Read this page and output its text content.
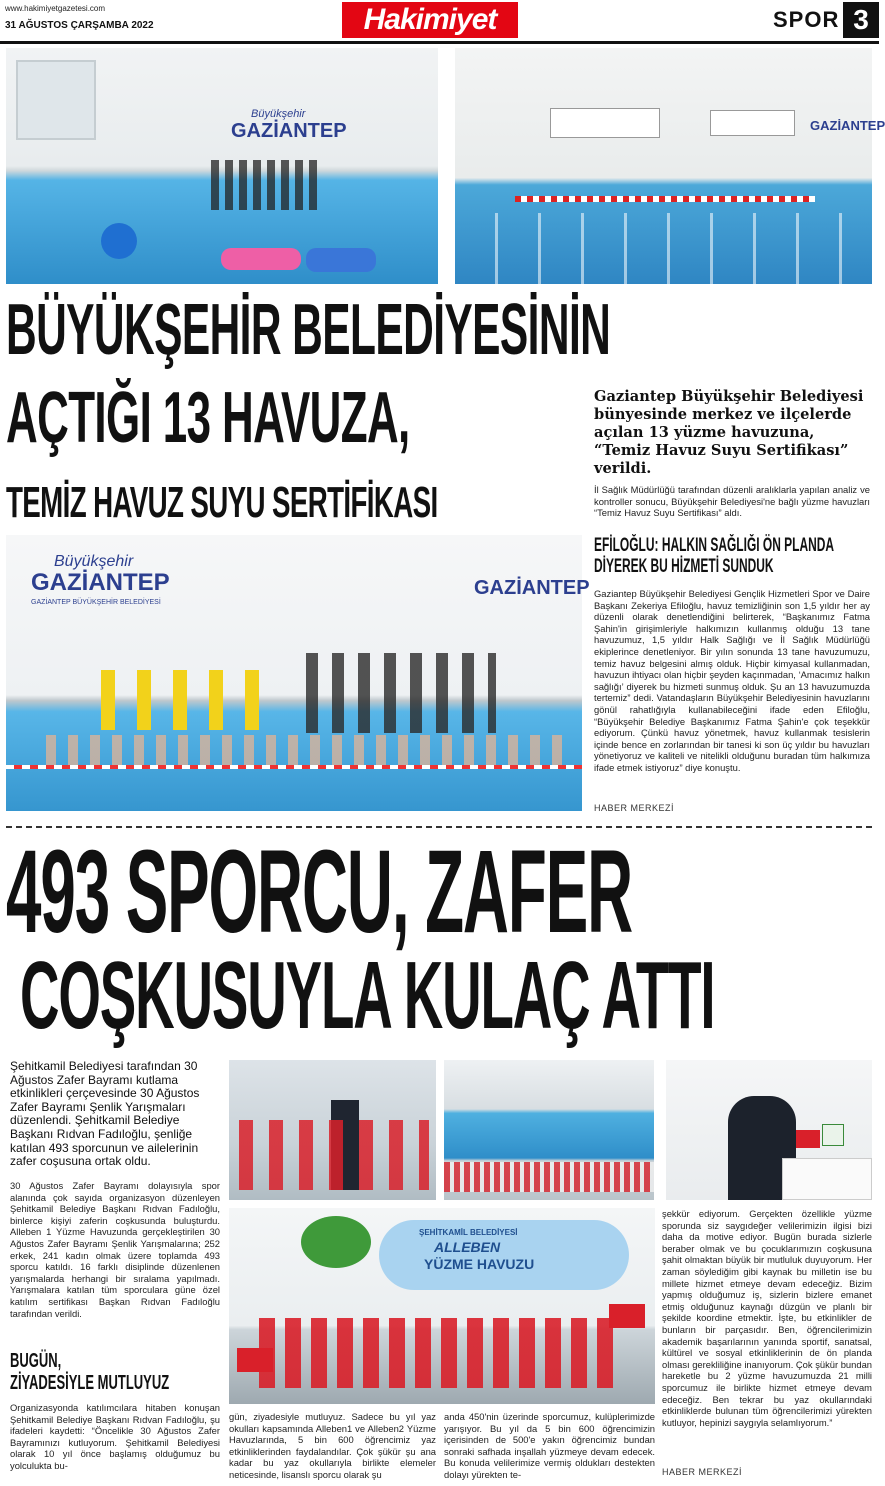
www.hakimiyetgazetesi.com
31 AĞUSTOS ÇARŞAMBA 2022	Hakimiyet	SPOR 3
Büyükşehir
GAZİANTEP	GAZİANTEP
BÜYÜKŞEHİR BELEDİYESİNİN
AÇTIĞI 13 HAVUZA,
TEMİZ HAVUZ SUYU SERTİFİKASI
Gaziantep Büyükşehir Belediyesi bünyesinde merkez ve ilçelerde açılan 13 yüzme havuzuna, “Temiz Havuz Suyu Sertifikası” verildi.
İl Sağlık Müdürlüğü tarafından düzenli aralıklarla yapılan analiz ve kontroller sonucu, Büyükşehir Belediyesi'ne bağlı yüzme havuzları “Temiz Havuz Suyu Sertifikası” aldı.
Büyükşehir
GAZİANTEP
GAZİANTEP BÜYÜKŞEHİR BELEDİYESİ
GAZİANTEP
EFİLOĞLU: HALKIN SAĞLIĞI ÖN PLANDA DİYEREK BU HİZMETİ SUNDUK
Gaziantep Büyükşehir Belediyesi Gençlik Hizmetleri Spor ve Daire Başkanı Zekeriya Efiloğlu, havuz temizliğinin son 1,5 yıldır her ay düzenli olarak denetlendiğini belirterek, “Başkanımız Fatma Şahin'in girişimleriyle halkımızın kullanmış olduğu 13 tane havuzumuz, 1,5 yıldır Halk Sağlığı ve İl Sağlık Müdürlüğü ekiplerince denetleniyor. Bir yılın sonunda 13 tane havuzumuzu, temiz havuz belgesini almış olduk. Hiçbir kimyasal kullanmadan, havuzun ihtiyacı olan hiçbir şeyden kaçınmadan, ‘Amacımız halkın sağlığı’ diyerek bu hizmeti sunmuş olduk. Şu an 13 havuzumuzda tertemiz” dedi. Vatandaşların Büyükşehir Belediyesinin havuzlarını gönül rahatlığıyla kullanabileceğini ifade eden Efiloğlu, “Büyükşehir Belediye Başkanımız Fatma Şahin'e çok teşekkür ediyorum. Çünkü havuz yönetmek, havuz kullanmak tesislerin içinde bence en zorlarından bir tanesi ki son üç yıldır bu havuzları yönetiyoruz ve kaliteli ve nitelikli olduğunu buradan tüm halkımıza ifade etmek istiyoruz” diye konuştu.
HABER MERKEZİ
493 SPORCU, ZAFER
COŞKUSUYLA KULAÇ ATTI
Şehitkamil Belediyesi tarafından 30 Ağustos Zafer Bayramı kutlama etkinlikleri çerçevesinde 30 Ağustos Zafer Bayramı Şenlik Yarışmaları düzenlendi. Şehitkamil Belediye Başkanı Rıdvan Fadıloğlu, şenliğe katılan 493 sporcunun ve ailelerinin zafer coşusuna ortak oldu.
30 Ağustos Zafer Bayramı dolayısıyla spor alanında çok sayıda organizasyon düzenleyen Şehitkamil Belediye Başkanı Rıdvan Fadıloğlu, binlerce kişiyi zaferin coşkusunda buluşturdu. Alleben 1 Yüzme Havuzunda gerçekleştirilen 30 Ağustos Zafer Bayramı Şenlik Yarışmalarına; 252 erkek, 241 kadın olmak üzere toplamda 493 sporcu katıldı. 16 farklı disiplinde düzenlenen yarışmalarda herhangi bir sıralama yapılmadı. Yarışmalara katılan tüm sporculara güne özel katılım sertifikası Başkan Rıdvan Fadıloğlu tarafından verildi.
BUGÜN,
ZİYADESİYLE MUTLUYUZ
Organizasyonda katılımcılara hitaben konuşan Şehitkamil Belediye Başkanı Rıdvan Fadıloğlu, şu ifadeleri kaydetti: “Öncelikle 30 Ağustos Zafer Bayramınızı kutluyorum. Şehitkamil Belediyesi olarak 10 yıl önce başlamış olduğumuz bu yolculukta bu-
ŞEHİTKAMİL BELEDİYESİ
ALLEBEN
YÜZME HAVUZU
gün, ziyadesiyle mutluyuz. Sadece bu yıl yaz okulları kapsamında Alleben1 ve Alleben2 Yüzme Havuzlarında, 5 bin 600 öğrencimiz yaz etkinliklerinden faydalandılar. Çok şükür şu ana kadar bu yaz okullarıyla birlikte elemeler neticesinde, lisanslı sporcu olarak şu
anda 450'nin üzerinde sporcumuz, kulüplerimizde yarışıyor. Bu yıl da 5 bin 600 öğrencimizin içerisinden de 500'e yakın öğrencimiz bundan sonraki safhada inşallah yüzmeye devam edecek. Bu konuda velilerimize vermiş oldukları destekten dolayı yürekten te-
şekkür ediyorum. Gerçekten özellikle yüzme sporunda siz saygıdeğer velilerimizin ilgisi bizi daha da motive ediyor. Bugün burada sizlerle beraber olmak ve bu çocuklarımızın coşkusuna şahit olmaktan büyük bir mutluluk duyuyorum. Her zaman söylediğim gibi kaynak bu milletin ise bu millete hizmet etmeye devam edeceğiz. Bizim yapmış olduğumuz iş, sizlerin bizlere emanet etmiş olduğunuz kaynağı düzgün ve planlı bir şekilde koordine etmektir. İşte, bu etkinlikler de bunların bir parçasıdır. Ben, öğrencilerimizin akademik başarılarının yanında sportif, sanatsal, kültürel ve sosyal etkinliklerinin de ön planda olması gerekliliğine inanıyorum. Çok şükür bundan hareketle bu 2 yüzme havuzumuzda 21 milli sporcumuz ile birlikte hizmet etmeye devam edeceğiz. Ben tekrar bu yaz okullarındaki etkinliklerde bulunan tüm öğrencilerimizi yürekten kutluyor, hepinizi saygıyla selamlıyorum.”
HABER MERKEZİ
